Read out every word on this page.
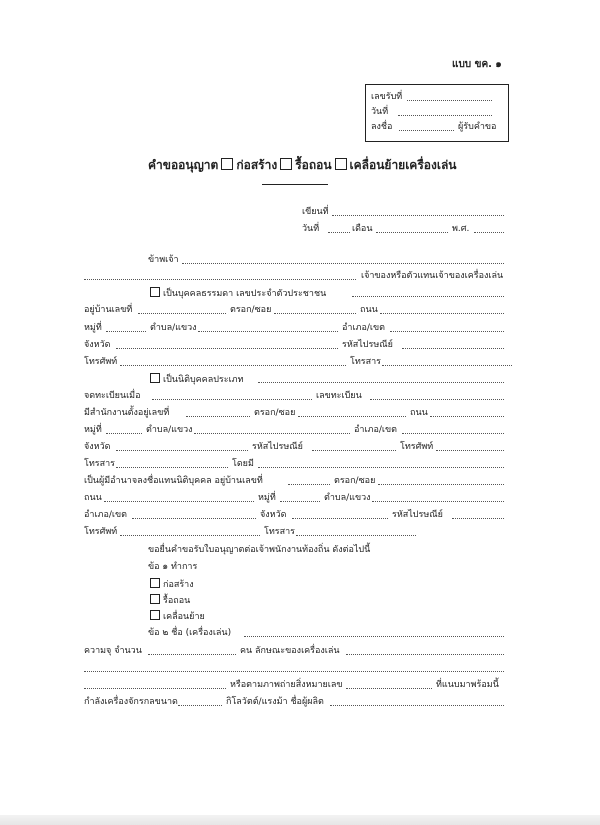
แบบ ขค. ๑
เลขรับที่
วันที่
ลงชื่อ	ผู้รับคำขอ
คำขออนุญาต ก่อสร้าง รื้อถอน เคลื่อนย้ายเครื่องเล่น
เขียนที่
วันที่	เดือน	พ.ศ.
ข้าพเจ้า
เจ้าของหรือตัวแทนเจ้าของเครื่องเล่น
เป็นบุคคลธรรมดา เลขประจำตัวประชาชน
อยู่บ้านเลขที่	ตรอก/ซอย	ถนน
หมู่ที่	ตำบล/แขวง	อำเภอ/เขต
จังหวัด	รหัสไปรษณีย์
โทรศัพท์	โทรสาร
เป็นนิติบุคคลประเภท
จดทะเบียนเมื่อ	เลขทะเบียน
มีสำนักงานตั้งอยู่เลขที่	ตรอก/ซอย	ถนน
หมู่ที่	ตำบล/แขวง	อำเภอ/เขต
จังหวัด	รหัสไปรษณีย์	โทรศัพท์
โทรสาร	โดยมี
เป็นผู้มีอำนาจลงชื่อแทนนิติบุคคล อยู่บ้านเลขที่	ตรอก/ซอย
ถนน	หมู่ที่	ตำบล/แขวง
อำเภอ/เขต	จังหวัด	รหัสไปรษณีย์
โทรศัพท์	โทรสาร
ขอยื่นคำขอรับใบอนุญาตต่อเจ้าพนักงานท้องถิ่น ดังต่อไปนี้
ข้อ ๑ ทำการ
ก่อสร้าง
รื้อถอน
เคลื่อนย้าย
ข้อ ๒ ชื่อ (เครื่องเล่น)
ความจุ จำนวน	คน ลักษณะของเครื่องเล่น
หรือตามภาพถ่ายสิ่งหมายเลข	ที่แนบมาพร้อมนี้
กำลังเครื่องจักรกลขนาด	กิโลวัตต์/แรงม้า ชื่อผู้ผลิต
